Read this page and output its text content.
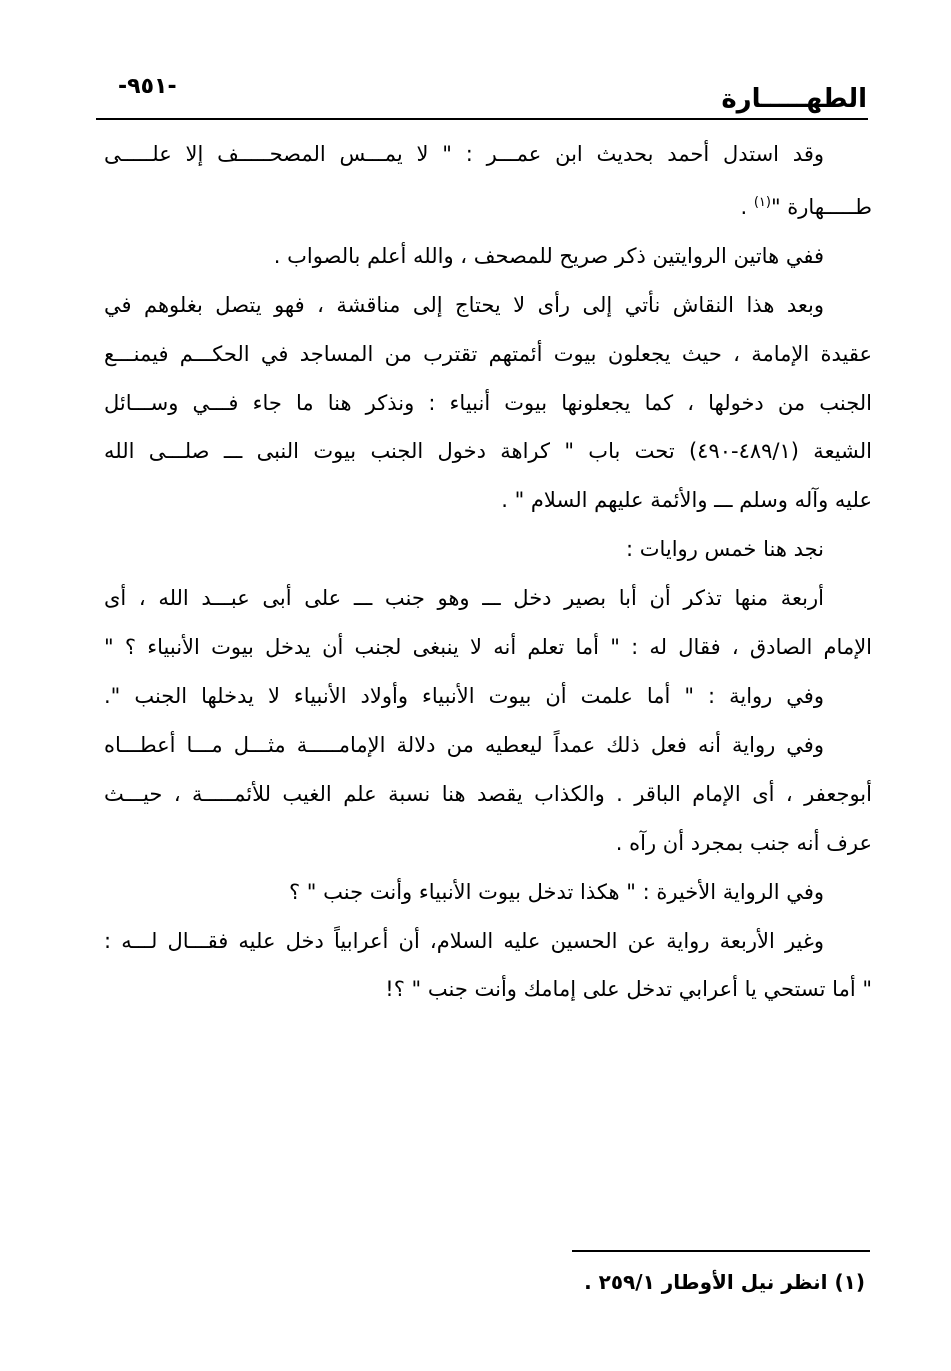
-٩٥١-	الطهـــــارة
وقد استدل أحمد بحديث ابن عمـــر : " لا يمـــس المصحـــــف إلا علـــــى
طـــــهارة "$^{(١)}$ .
ففي هاتين الروايتين ذكر صريح للمصحف ، والله أعلم بالصواب .
وبعد هذا النقاش نأتي إلى رأى لا يحتاج إلى مناقشة ، فهو يتصل بغلوهم في
عقيدة الإمامة ، حيث يجعلون بيوت أئمتهم تقترب من المساجد في الحكـــم فيمنـــع
الجنب من دخولها ، كما يجعلونها بيوت أنبياء : ونذكر هنا ما جاء فـــي وســـائل
الشيعة (٤٨٩/١-٤٩٠) تحت باب " كراهة دخول الجنب بيوت النبى ـــ صلـــى الله
عليه وآله وسلم ـــ والأئمة عليهم السلام " .
نجد هنا خمس روايات :
أربعة منها تذكر أن أبا بصير دخل ـــ وهو جنب ـــ على أبى عبـــد الله ، أى
الإمام الصادق ، فقال له : " أما تعلم أنه لا ينبغى لجنب أن يدخل بيوت الأنبياء ؟ "
وفي رواية : " أما علمت أن بيوت الأنبياء وأولاد الأنبياء لا يدخلها الجنب ".
وفي رواية أنه فعل ذلك عمداً ليعطيه من دلالة الإمامـــــة مثـــل مـــا أعطـــاه
أبوجعفر ، أى الإمام الباقر . والكذاب يقصد هنا نسبة علم الغيب للأئمـــــة ، حيـــث
عرف أنه جنب بمجرد أن رآه .
وفي الرواية الأخيرة : " هكذا تدخل بيوت الأنبياء وأنت جنب " ؟
وغير الأربعة رواية عن الحسين عليه السلام، أن أعرابياً دخل عليه فقـــال لـــه :
" أما تستحي يا أعرابي تدخل على إمامك وأنت جنب " ؟!
(١) انظر نيل الأوطار ٢٥٩/١ .
